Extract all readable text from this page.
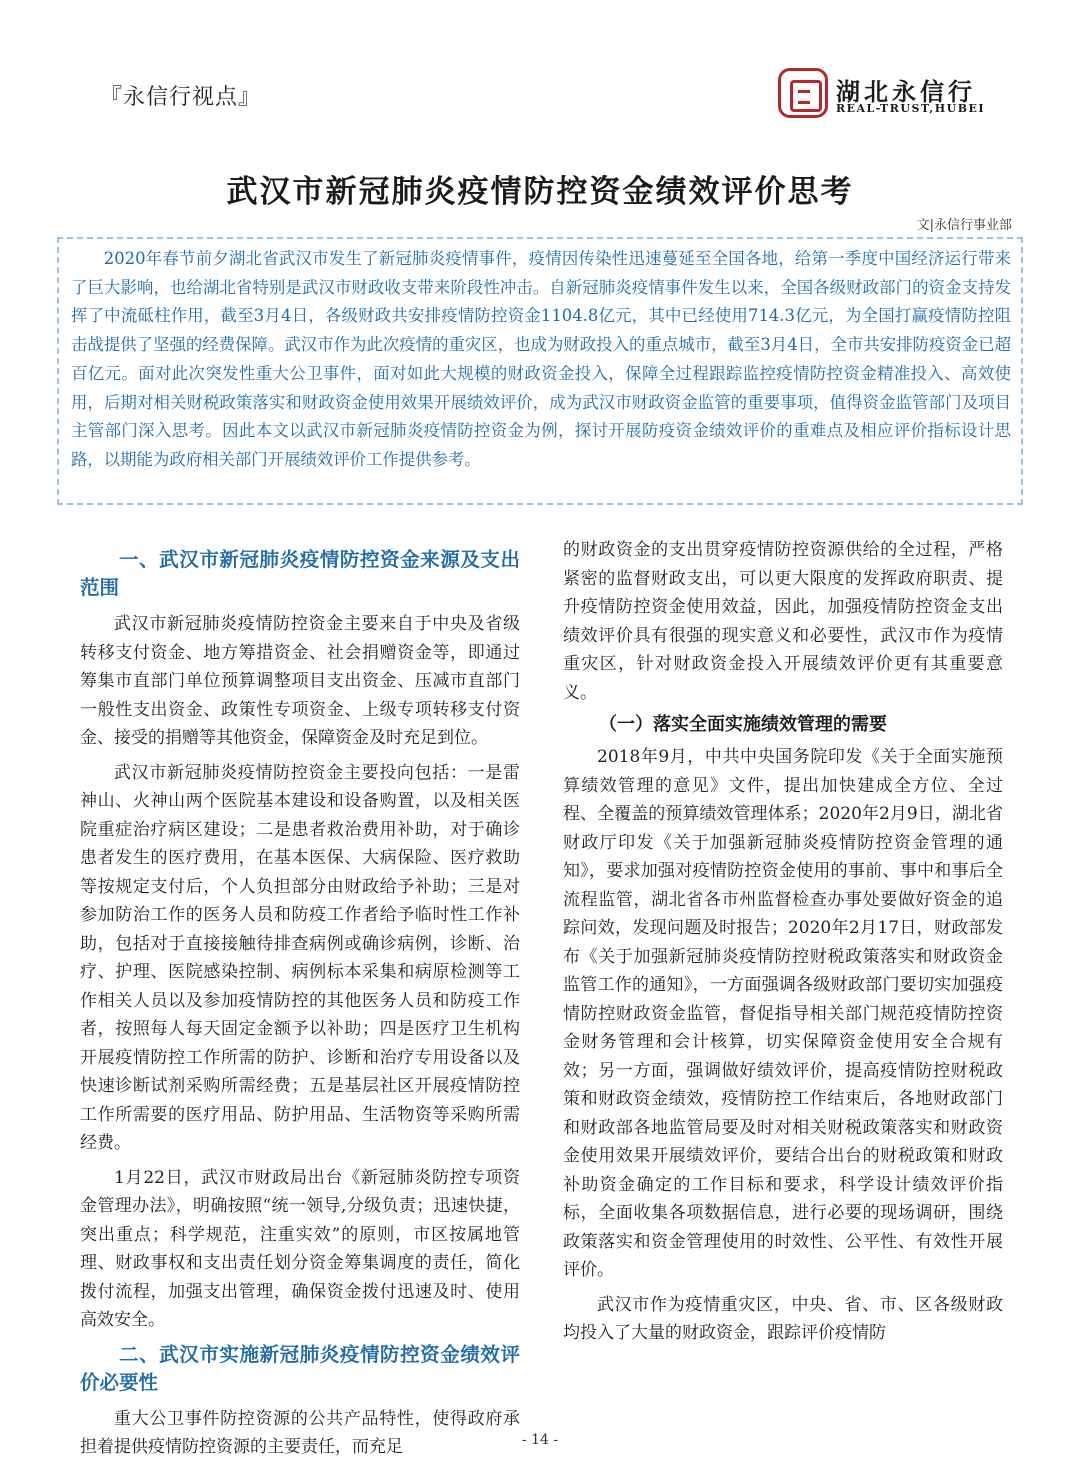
『永信行视点』	湖北永信行
REAL-TRUST,HUBEI
武汉市新冠肺炎疫情防控资金绩效评价思考
文|永信行事业部

2020年春节前夕湖北省武汉市发生了新冠肺炎疫情事件，疫情因传染性迅速蔓延至全国各地，给第一季度中国经济运行带来了巨大影响，也给湖北省特别是武汉市财政收支带来阶段性冲击。自新冠肺炎疫情事件发生以来，全国各级财政部门的资金支持发挥了中流砥柱作用，截至3月4日，各级财政共安排疫情防控资金1104.8亿元，其中已经使用714.3亿元，为全国打赢疫情防控阻击战提供了坚强的经费保障。武汉市作为此次疫情的重灾区，也成为财政投入的重点城市，截至3月4日，全市共安排防疫资金已超百亿元。面对此次突发性重大公卫事件，面对如此大规模的财政资金投入，保障全过程跟踪监控疫情防控资金精准投入、高效使用，后期对相关财税政策落实和财政资金使用效果开展绩效评价，成为武汉市财政资金监管的重要事项，值得资金监管部门及项目主管部门深入思考。因此本文以武汉市新冠肺炎疫情防控资金为例，探讨开展防疫资金绩效评价的重难点及相应评价指标设计思路，以期能为政府相关部门开展绩效评价工作提供参考。

一、武汉市新冠肺炎疫情防控资金来源及支出范围

武汉市新冠肺炎疫情防控资金主要来自于中央及省级转移支付资金、地方筹措资金、社会捐赠资金等，即通过筹集市直部门单位预算调整项目支出资金、压减市直部门一般性支出资金、政策性专项资金、上级专项转移支付资金、接受的捐赠等其他资金，保障资金及时充足到位。

武汉市新冠肺炎疫情防控资金主要投向包括：一是雷神山、火神山两个医院基本建设和设备购置，以及相关医院重症治疗病区建设；二是患者救治费用补助，对于确诊患者发生的医疗费用，在基本医保、大病保险、医疗救助等按规定支付后，个人负担部分由财政给予补助；三是对参加防治工作的医务人员和防疫工作者给予临时性工作补助，包括对于直接接触待排查病例或确诊病例，诊断、治疗、护理、医院感染控制、病例标本采集和病原检测等工作相关人员以及参加疫情防控的其他医务人员和防疫工作者，按照每人每天固定金额予以补助；四是医疗卫生机构开展疫情防控工作所需的防护、诊断和治疗专用设备以及快速诊断试剂采购所需经费；五是基层社区开展疫情防控工作所需要的医疗用品、防护用品、生活物资等采购所需经费。

1月22日，武汉市财政局出台《新冠肺炎防控专项资金管理办法》，明确按照“统一领导,分级负责；迅速快捷，突出重点；科学规范，注重实效”的原则，市区按属地管理、财政事权和支出责任划分资金筹集调度的责任，简化拨付流程，加强支出管理，确保资金拨付迅速及时、使用高效安全。

二、武汉市实施新冠肺炎疫情防控资金绩效评价必要性

重大公卫事件防控资源的公共产品特性，使得政府承担着提供疫情防控资源的主要责任，而充足

的财政资金的支出贯穿疫情防控资源供给的全过程，严格紧密的监督财政支出，可以更大限度的发挥政府职责、提升疫情防控资金使用效益，因此，加强疫情防控资金支出绩效评价具有很强的现实意义和必要性，武汉市作为疫情重灾区，针对财政资金投入开展绩效评价更有其重要意义。

（一）落实全面实施绩效管理的需要

2018年9月，中共中央国务院印发《关于全面实施预算绩效管理的意见》文件，提出加快建成全方位、全过程、全覆盖的预算绩效管理体系；2020年2月9日，湖北省财政厅印发《关于加强新冠肺炎疫情防控资金管理的通知》，要求加强对疫情防控资金使用的事前、事中和事后全流程监管，湖北省各市州监督检查办事处要做好资金的追踪问效，发现问题及时报告；2020年2月17日，财政部发布《关于加强新冠肺炎疫情防控财税政策落实和财政资金监管工作的通知》，一方面强调各级财政部门要切实加强疫情防控财政资金监管，督促指导相关部门规范疫情防控资金财务管理和会计核算，切实保障资金使用安全合规有效；另一方面，强调做好绩效评价，提高疫情防控财税政策和财政资金绩效，疫情防控工作结束后，各地财政部门和财政部各地监管局要及时对相关财税政策落实和财政资金使用效果开展绩效评价，要结合出台的财税政策和财政补助资金确定的工作目标和要求，科学设计绩效评价指标，全面收集各项数据信息，进行必要的现场调研，围绕政策落实和资金管理使用的时效性、公平性、有效性开展评价。

武汉市作为疫情重灾区，中央、省、市、区各级财政均投入了大量的财政资金，跟踪评价疫情防

- 14 -
